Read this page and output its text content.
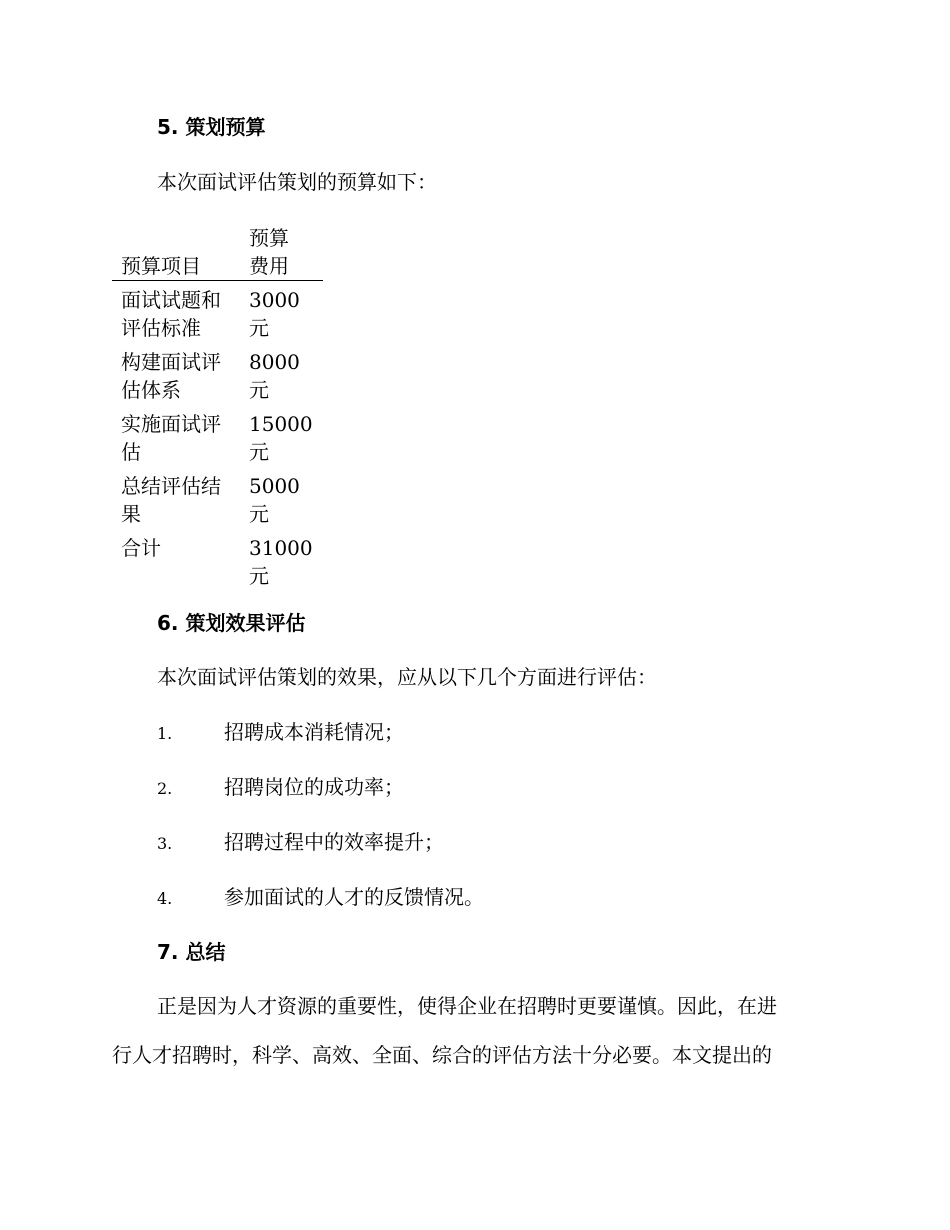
5. 策划预算
本次面试评估策划的预算如下：
预算项目	预算
费用

面试试题和
评估标准	3000
元

构建面试评
估体系	8000
元

实施面试评
估	15000
元

总结评估结
果	5000
元

合计	31000
元
6. 策划效果评估
本次面试评估策划的效果，应从以下几个方面进行评估：
1.	招聘成本消耗情况；
2.	招聘岗位的成功率；
3.	招聘过程中的效率提升；
4.	参加面试的人才的反馈情况。
7. 总结
正是因为人才资源的重要性，使得企业在招聘时更要谨慎。因此，在进
行人才招聘时，科学、高效、全面、综合的评估方法十分必要。本文提出的
